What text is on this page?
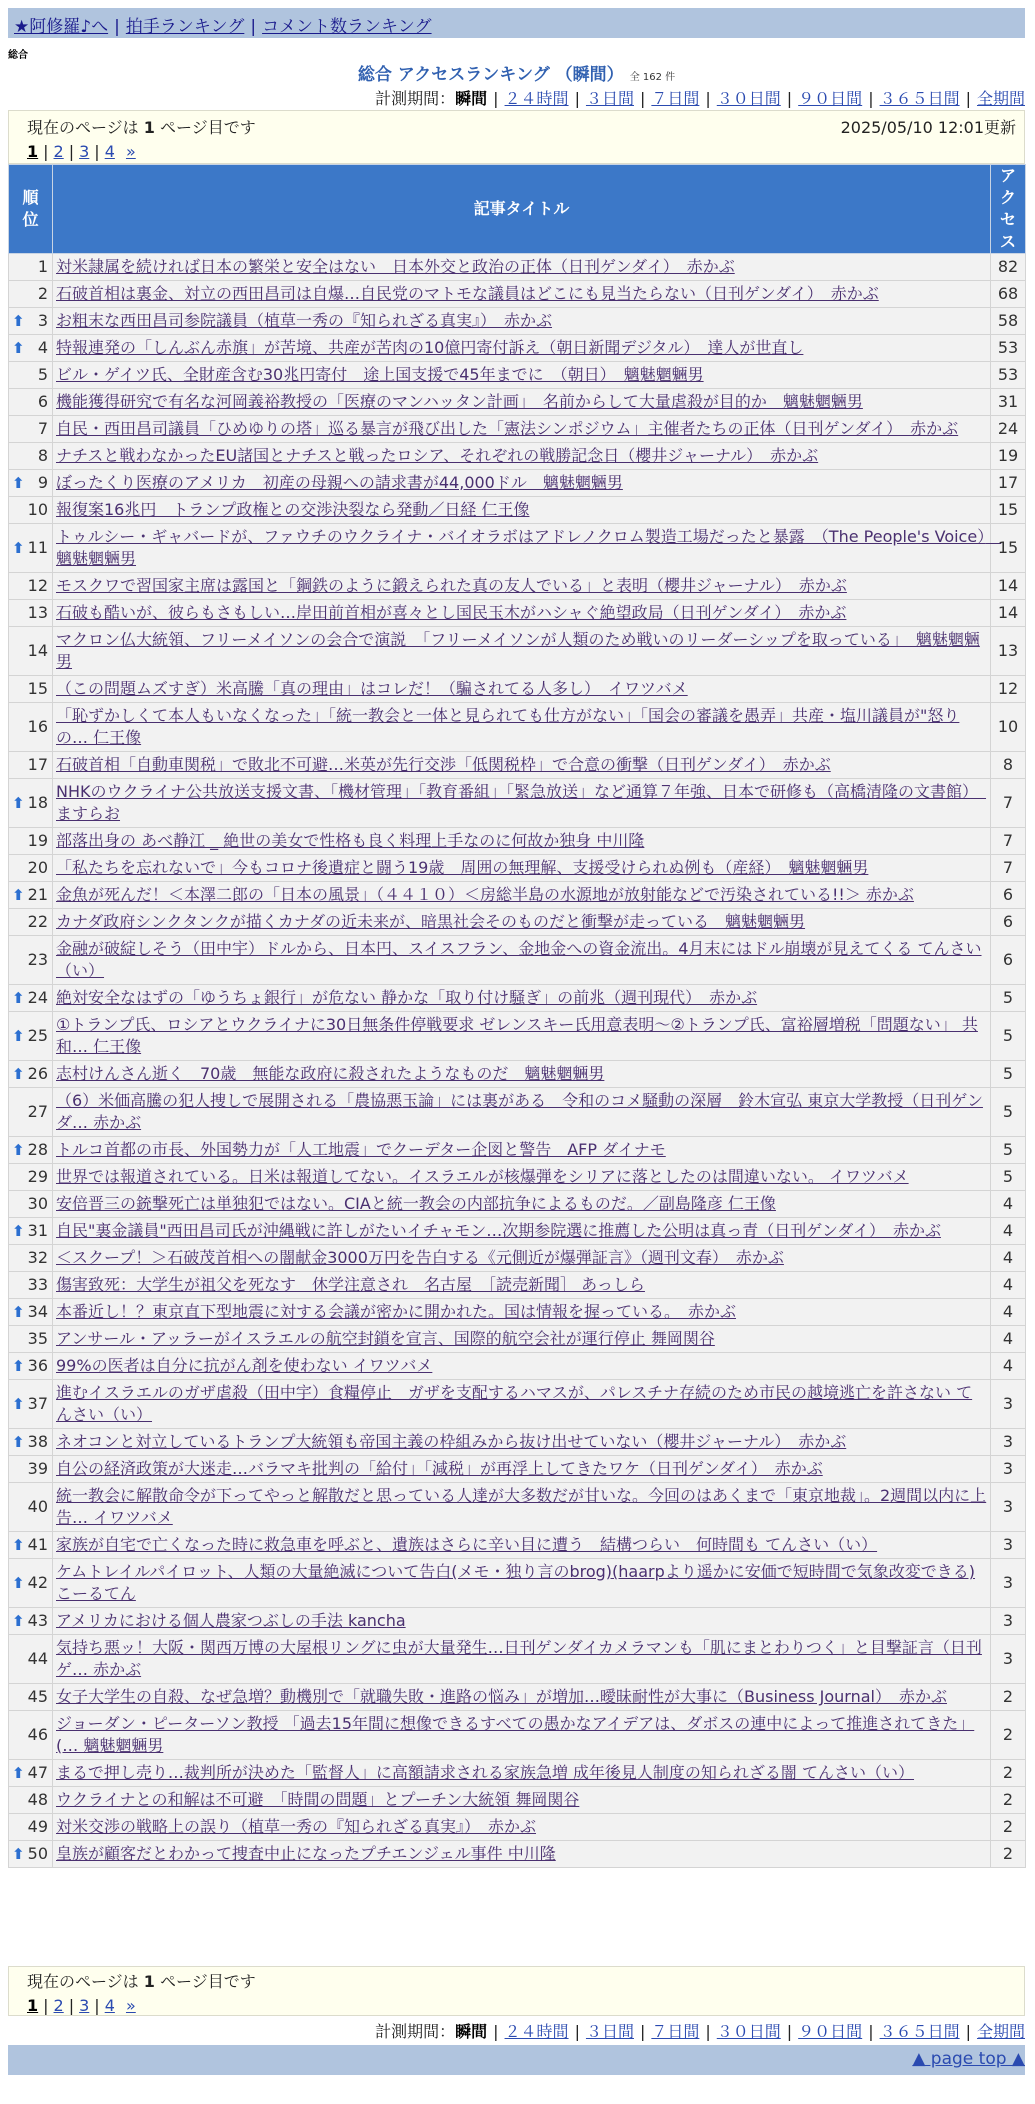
★阿修羅♪へ | 拍手ランキング | コメント数ランキング
総合
総合 アクセスランキング （瞬間） 全 162 件
計測期間：瞬間 | ２４時間 | ３日間 | ７日間 | ３０日間 | ９０日間 | ３６５日間 | 全期間
現在のページは 1 ページ目です	2025/05/10 12:01更新
1 | 2 | 3 | 4 »
順位	記事タイトル	アクセス
1	対米隷属を続ければ日本の繁栄と安全はない　日本外交と政治の正体（日刊ゲンダイ）　赤かぶ	82
2	石破首相は裏金、対立の西田昌司は自爆…自民党のマトモな議員はどこにも見当たらない（日刊ゲンダイ）　赤かぶ	68

⬆ 3	お粗末な西田昌司参院議員（植草一秀の『知られざる真実』）　赤かぶ	58

⬆ 4	特報連発の「しんぶん赤旗」が苦境、共産が苦肉の10億円寄付訴え（朝日新聞デジタル）　達人が世直し	53
5	ビル・ゲイツ氏、全財産含む30兆円寄付　途上国支援で45年までに　（朝日）　魑魅魍魎男	53
6	機能獲得研究で有名な河岡義裕教授の「医療のマンハッタン計画」　名前からして大量虐殺が目的か　魑魅魍魎男	31
7	自民・西田昌司議員「ひめゆりの塔」巡る暴言が飛び出した「憲法シンポジウム」主催者たちの正体（日刊ゲンダイ）　赤かぶ	24
8	ナチスと戦わなかったEU諸国とナチスと戦ったロシア、それぞれの戦勝記念日（櫻井ジャーナル）　赤かぶ	19

⬆ 9	ぼったくり医療のアメリカ　初産の母親への請求書が44,000ドル　魑魅魍魎男	17
10	報復案16兆円　トランプ政権との交渉決裂なら発動／日経 仁王像	15

⬆ 11	トゥルシー・ギャバードが、ファウチのウクライナ・バイオラボはアドレノクロム製造工場だったと暴露　（The People's Voice）　魑魅魍魎男	15
12	モスクワで習国家主席は露国と「鋼鉄のように鍛えられた真の友人でいる」と表明（櫻井ジャーナル）　赤かぶ	14
13	石破も酷いが、彼らもさもしい…岸田前首相が喜々とし国民玉木がハシャぐ絶望政局（日刊ゲンダイ）　赤かぶ	14
14	マクロン仏大統領、フリーメイソンの会合で演説　「フリーメイソンが人類のため戦いのリーダーシップを取っている」　魑魅魍魎男	13
15	（この問題ムズすぎ）米高騰「真の理由」はコレだ！（騙されてる人多し）　イワツバメ	12
16	「恥ずかしくて本人もいなくなった」「統一教会と一体と見られても仕方がない」「国会の審議を愚弄」共産・塩川議員が"怒りの… 仁王像	10
17	石破首相「自動車関税」で敗北不可避…米英が先行交渉「低関税枠」で合意の衝撃（日刊ゲンダイ）　赤かぶ	8

⬆ 18	NHKのウクライナ公共放送支援文書、「機材管理」「教育番組」「緊急放送」など通算７年強、日本で研修も（高橋清隆の文書館）　ますらお	7
19	部落出身の あべ静江 _ 絶世の美女で性格も良く料理上手なのに何故か独身 中川隆	7
20	「私たちを忘れないで」今もコロナ後遺症と闘う19歳　周囲の無理解、支援受けられぬ例も（産経）　魑魅魍魎男	7

⬆ 21	金魚が死んだ！＜本澤二郎の「日本の風景」（４４１０）＜房総半島の水源地が放射能などで汚染されている!!＞ 赤かぶ	6
22	カナダ政府シンクタンクが描くカナダの近未来が、暗黒社会そのものだと衝撃が走っている　魑魅魍魎男	6
23	金融が破綻しそう（田中宇）ドルから、日本円、スイスフラン、金地金への資金流出。4月末にはドル崩壊が見えてくる てんさい（い）	6

⬆ 24	絶対安全なはずの「ゆうちょ銀行」が危ない 静かな「取り付け騒ぎ」の前兆（週刊現代）　赤かぶ	5

⬆ 25	①トランプ氏、ロシアとウクライナに30日無条件停戦要求 ゼレンスキー氏用意表明～②トランプ氏、富裕層増税「問題ない」 共和… 仁王像	5

⬆ 26	志村けんさん逝く　70歳　無能な政府に殺されたようなものだ　魑魅魍魎男	5
27	（6）米価高騰の犯人捜しで展開される「農協悪玉論」には裏がある　令和のコメ騒動の深層　鈴木宣弘 東京大学教授（日刊ゲンダ… 赤かぶ	5

⬆ 28	トルコ首都の市長、外国勢力が「人工地震」でクーデター企図と警告　AFP ダイナモ	5
29	世界では報道されている。日米は報道してない。イスラエルが核爆弾をシリアに落としたのは間違いない。 イワツバメ	5
30	安倍晋三の銃撃死亡は単独犯ではない。CIAと統一教会の内部抗争によるものだ。／副島隆彦 仁王像	4

⬆ 31	自民"裏金議員"西田昌司氏が沖縄戦に許しがたいイチャモン…次期参院選に推薦した公明は真っ青（日刊ゲンダイ）　赤かぶ	4
32	＜スクープ！＞石破茂首相への闇献金3000万円を告白する《元側近が爆弾証言》（週刊文春）　赤かぶ	4
33	傷害致死：大学生が祖父を死なす　休学注意され　名古屋　［読売新聞］ あっしら	4

⬆ 34	本番近し！？東京直下型地震に対する会議が密かに開かれた。国は情報を握っている。　赤かぶ	4
35	アンサール・アッラーがイスラエルの航空封鎖を宣言、国際的航空会社が運行停止 舞岡関谷	4

⬆ 36	99%の医者は自分に抗がん剤を使わない イワツバメ	4

⬆ 37	進むイスラエルのガザ虐殺（田中宇）食糧停止　ガザを支配するハマスが、パレスチナ存続のため市民の越境逃亡を許さない てんさい（い）	3

⬆ 38	ネオコンと対立しているトランプ大統領も帝国主義の枠組みから抜け出せていない（櫻井ジャーナル）　赤かぶ	3
39	自公の経済政策が大迷走…バラマキ批判の「給付」「減税」が再浮上してきたワケ（日刊ゲンダイ）　赤かぶ	3
40	統一教会に解散命令が下ってやっと解散だと思っている人達が大多数だが甘いな。今回のはあくまで「東京地裁」。2週間以内に上告… イワツバメ	3

⬆ 41	家族が自宅で亡くなった時に救急車を呼ぶと、遺族はさらに辛い目に遭う　結構つらい　何時間も てんさい（い）	3

⬆ 42	ケムトレイルパイロット、人類の大量絶滅について告白(メモ・独り言のbrog)(haarpより遥かに安価で短時間で気象改変できる) こーるてん	3

⬆ 43	アメリカにおける個人農家つぶしの手法 kancha	3
44	気持ち悪ッ！大阪・関西万博の大屋根リングに虫が大量発生…日刊ゲンダイカメラマンも「肌にまとわりつく」と目撃証言（日刊ゲ… 赤かぶ	3
45	女子大学生の自殺、なぜ急増？動機別で「就職失敗・進路の悩み」が増加…曖昧耐性が大事に（Business Journal）　赤かぶ	2
46	ジョーダン・ピーターソン教授 「過去15年間に想像できるすべての愚かなアイデアは、ダボスの連中によって推進されてきた」(… 魑魅魍魎男	2

⬆ 47	まるで押し売り…裁判所が決めた「監督人」に高額請求される家族急増 成年後見人制度の知られざる闇 てんさい（い）	2
48	ウクライナとの和解は不可避　「時間の問題」とプーチン大統領 舞岡関谷	2
49	対米交渉の戦略上の誤り（植草一秀の『知られざる真実』）　赤かぶ	2

⬆ 50	皇族が顧客だとわかって捜査中止になったプチエンジェル事件 中川隆	2
現在のページは 1 ページ目です
1 | 2 | 3 | 4 »
計測期間：瞬間 | ２４時間 | ３日間 | ７日間 | ３０日間 | ９０日間 | ３６５日間 | 全期間
▲ page top ▲
